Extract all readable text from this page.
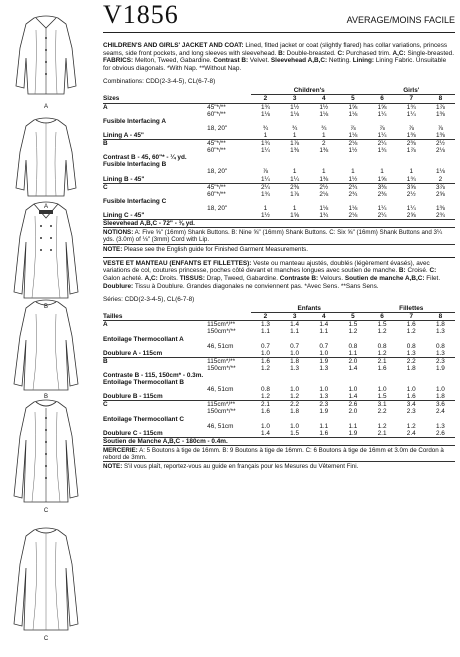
A
A
B
B
C
C
V1856	AVERAGE/MOINS FACILE
CHILDREN'S AND GIRLS' JACKET AND COAT: Lined, fitted jacket or coat (slightly flared) has collar variations, princess seams, side front pockets, and long sleeves with sleevehead. B: Double-breasted. C: Purchased trim. A,C: Single-breasted. FABRICS: Melton, Tweed, Gabardine. Contrast B: Velvet. Sleevehead A,B,C: Netting. Lining: Lining Fabric. Unsuitable for obvious diagonals. *With Nap. **Without Nap.
Combinations: CDD(2-3-4-5), CL(6-7-8)
		Children's				Girls'		
Sizes		2	3	4	5	6	7	8
A	45"*/**	1¾	1½	1½	1⅝	1⅝	1¾	1⅞
	60"*/**	1⅛	1⅛	1⅛	1⅛	1¼	1¼	1⅜
Fusible Interfacing A								
	18, 20"	¾	¾	¾	⅞	⅞	⅞	⅞
Lining A - 45"		1	1	1	1⅛	1¼	1⅜	1⅜
B	45"*/**	1¾	1⅞	2	2⅛	2¼	2⅜	2½
	60"*/**	1¼	1⅜	1⅜	1½	1¾	1⅞	2⅛
Contrast B - 45, 60"* - ¼ yd.								
Fusible Interfacing B								
	18, 20"	⅞	1	1	1	1	1	1⅛
Lining B - 45"		1¼	1¼	1⅜	1½	1⅝	1¾	2
C	45"*/**	2¼	2⅜	2½	2¾	3⅜	3⅝	3⅞
	60"*/**	1¾	1⅞	2⅛	2¾	2⅜	2½	2⅝
Fusible Interfacing C								
	18, 20"	1	1	1⅛	1⅛	1¼	1¼	1⅜
Lining C - 45"		1½	1⅝	1¾	2⅛	2¼	2⅝	2¾
Sleevehead A,B,C - 72" - ⅜ yd.								
NOTIONS: A: Five ⅝" (16mm) Shank Buttons. B: Nine ⅝" (16mm) Shank Buttons. C: Six ⅝" (16mm) Shank Buttons and 3¼ yds. (3.0m) of ⅛" (3mm) Cord with Lip.
NOTE: Please see the English guide for Finished Garment Measurements.
VESTE ET MANTEAU (ENFANTS ET FILLETTES): Veste ou manteau ajustés, doublés (légèrement évasés), avec variations de col, coutures princesse, poches côté devant et manches longues avec soutien de manche. B: Croisé. C: Galon acheté. A,C: Droits. TISSUS: Drap, Tweed, Gabardine. Contraste B: Velours. Soutien de manche A,B,C: Filet. Doublure: Tissu à Doublure. Grandes diagonales ne conviennent pas. *Avec Sens. **Sans Sens.
Séries: CDD(2-3-4-5), CL(6-7-8)
		Enfants				Fillettes		
Tailles		2	3	4	5	6	7	8
A	115cm*/**	1.3	1.4	1.4	1.5	1.5	1.6	1.8
	150cm*/**	1.1	1.1	1.1	1.2	1.2	1.2	1.3
Entoilage Thermocollant A								
	46, 51cm	0.7	0.7	0.7	0.8	0.8	0.8	0.8
Doublure A - 115cm		1.0	1.0	1.0	1.1	1.2	1.3	1.3
B	115cm*/**	1.6	1.8	1.9	2.0	2.1	2.2	2.3
	150cm*/**	1.2	1.3	1.3	1.4	1.6	1.8	1.9
Contraste B - 115, 150cm* - 0.3m.								
Entoilage Thermocollant B								
	46, 51cm	0.8	1.0	1.0	1.0	1.0	1.0	1.0
Doublure B - 115cm		1.2	1.2	1.3	1.4	1.5	1.6	1.8
C	115cm*/**	2.1	2.2	2.3	2.6	3.1	3.4	3.6
	150cm*/**	1.6	1.8	1.9	2.0	2.2	2.3	2.4
Entoilage Thermocollant C								
	46, 51cm	1.0	1.0	1.1	1.1	1.2	1.2	1.3
Doublure C - 115cm		1.4	1.5	1.6	1.9	2.1	2.4	2.6
Soutien de Manche A,B,C - 180cm - 0.4m.								
MERCERIE: A: 5 Boutons à tige de 16mm. B: 9 Boutons à tige de 16mm. C: 6 Boutons à tige de 16mm et 3.0m de Cordon à rebord de 3mm.
NOTE: S'il vous plaît, reportez-vous au guide en français pour les Mesures du Vêtement Fini.
